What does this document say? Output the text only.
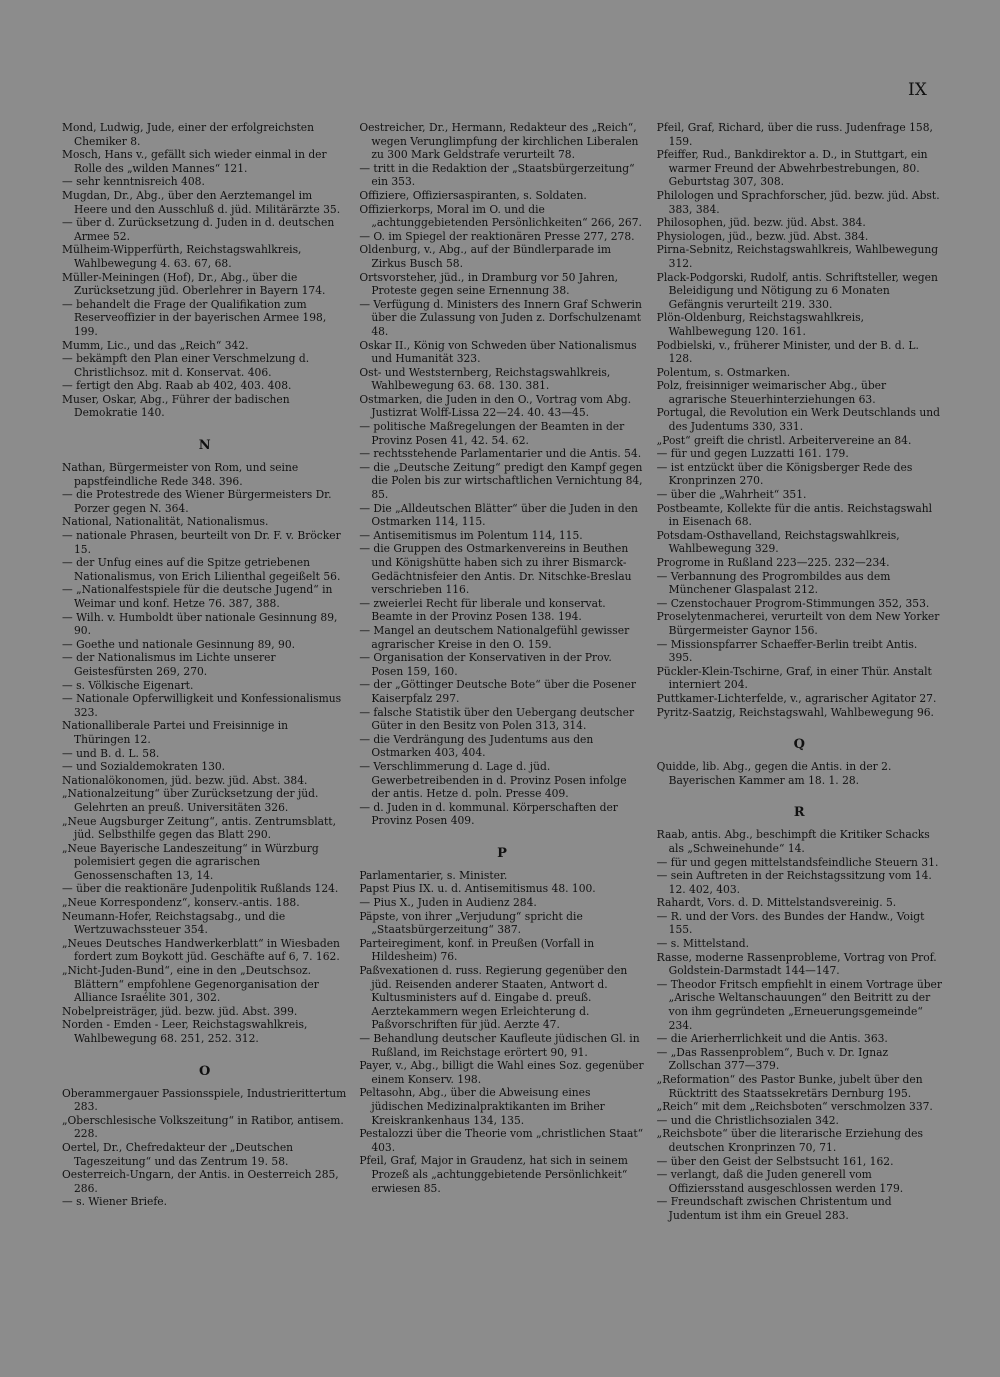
IX

Mond, Ludwig, Jude, einer der erfolgreichsten Chemiker 8.

Mosch, Hans v., gefällt sich wieder einmal in der Rolle des „wilden Mannes“ 121.

— sehr kenntnisreich 408.

Mugdan, Dr., Abg., über den Aerztemangel im Heere und den Ausschluß d. jüd. Militärärzte 35.

— über d. Zurücksetzung d. Juden in d. deutschen Armee 52.

Mülheim-Wipperfürth, Reichstagswahlkreis, Wahlbewegung 4. 63. 67, 68.

Müller-Meiningen (Hof), Dr., Abg., über die Zurücksetzung jüd. Oberlehrer in Bayern 174.

— behandelt die Frage der Qualifikation zum Reserveoffizier in der bayerischen Armee 198, 199.

Mumm, Lic., und das „Reich“ 342.

— bekämpft den Plan einer Verschmelzung d. Christlichsoz. mit d. Konservat. 406.

— fertigt den Abg. Raab ab 402, 403. 408.

Muser, Oskar, Abg., Führer der badischen Demokratie 140.

N

Nathan, Bürgermeister von Rom, und seine papstfeindliche Rede 348. 396.

— die Protestrede des Wiener Bürgermeisters Dr. Porzer gegen N. 364.

National, Nationalität, Nationalismus.

— nationale Phrasen, beurteilt von Dr. F. v. Bröcker 15.

— der Unfug eines auf die Spitze getriebenen Nationalismus, von Erich Lilienthal gegeißelt 56.

— „Nationalfestspiele für die deutsche Jugend“ in Weimar und konf. Hetze 76. 387, 388.

— Wilh. v. Humboldt über nationale Gesinnung 89, 90.

— Goethe und nationale Gesinnung 89, 90.

— der Nationalismus im Lichte unserer Geistesfürsten 269, 270.

— s. Völkische Eigenart.

— Nationale Opferwilligkeit und Konfessionalismus 323.

Nationalliberale Partei und Freisinnige in Thüringen 12.

— und B. d. L. 58.

— und Sozialdemokraten 130.

Nationalökonomen, jüd. bezw. jüd. Abst. 384.

„Nationalzeitung“ über Zurücksetzung der jüd. Gelehrten an preuß. Universitäten 326.

„Neue Augsburger Zeitung“, antis. Zentrumsblatt, jüd. Selbsthilfe gegen das Blatt 290.

„Neue Bayerische Landeszeitung“ in Würzburg polemisiert gegen die agrarischen Genossenschaften 13, 14.

— über die reaktionäre Judenpolitik Rußlands 124.

„Neue Korrespondenz“, konserv.-antis. 188.

Neumann-Hofer, Reichstagsabg., und die Wertzuwachssteuer 354.

„Neues Deutsches Handwerkerblatt“ in Wiesbaden fordert zum Boykott jüd. Geschäfte auf 6, 7. 162.

„Nicht-Juden-Bund“, eine in den „Deutschsoz. Blättern“ empfohlene Gegenorganisation der Alliance Israélite 301, 302.

Nobelpreisträger, jüd. bezw. jüd. Abst. 399.

Norden - Emden - Leer, Reichstagswahlkreis, Wahlbewegung 68. 251, 252. 312.

O

Oberammergauer Passionsspiele, Industrierittertum 283.

„Oberschlesische Volkszeitung“ in Ratibor, antisem. 228.

Oertel, Dr., Chefredakteur der „Deutschen Tageszeitung“ und das Zentrum 19. 58.

Oesterreich-Ungarn, der Antis. in Oesterreich 285, 286.

— s. Wiener Briefe.

Oestreicher, Dr., Hermann, Redakteur des „Reich“, wegen Verunglimpfung der kirchlichen Liberalen zu 300 Mark Geldstrafe verurteilt 78.

— tritt in die Redaktion der „Staatsbürgerzeitung“ ein 353.

Offiziere, Offiziersaspiranten, s. Soldaten.

Offizierkorps, Moral im O. und die „achtunggebietenden Persönlichkeiten“ 266, 267.

— O. im Spiegel der reaktionären Presse 277, 278.

Oldenburg, v., Abg., auf der Bündlerparade im Zirkus Busch 58.

Ortsvorsteher, jüd., in Dramburg vor 50 Jahren, Proteste gegen seine Ernennung 38.

— Verfügung d. Ministers des Innern Graf Schwerin über die Zulassung von Juden z. Dorfschulzenamt 48.

Oskar II., König von Schweden über Nationalismus und Humanität 323.

Ost- und Weststernberg, Reichstagswahlkreis, Wahlbewegung 63. 68. 130. 381.

Ostmarken, die Juden in den O., Vortrag vom Abg. Justizrat Wolff-Lissa 22—24. 40. 43—45.

— politische Maßregelungen der Beamten in der Provinz Posen 41, 42. 54. 62.

— rechtsstehende Parlamentarier und die Antis. 54.

— die „Deutsche Zeitung“ predigt den Kampf gegen die Polen bis zur wirtschaftlichen Vernichtung 84, 85.

— Die „Alldeutschen Blätter“ über die Juden in den Ostmarken 114, 115.

— Antisemitismus im Polentum 114, 115.

— die Gruppen des Ostmarkenvereins in Beuthen und Königshütte haben sich zu ihrer Bismarck-Gedächtnisfeier den Antis. Dr. Nitschke-Breslau verschrieben 116.

— zweierlei Recht für liberale und konservat. Beamte in der Provinz Posen 138. 194.

— Mangel an deutschem Nationalgefühl gewisser agrarischer Kreise in den O. 159.

— Organisation der Konservativen in der Prov. Posen 159, 160.

— der „Göttinger Deutsche Bote“ über die Posener Kaiserpfalz 297.

— falsche Statistik über den Uebergang deutscher Güter in den Besitz von Polen 313, 314.

— die Verdrängung des Judentums aus den Ostmarken 403, 404.

— Verschlimmerung d. Lage d. jüd. Gewerbetreibenden in d. Provinz Posen infolge der antis. Hetze d. poln. Presse 409.

— d. Juden in d. kommunal. Körperschaften der Provinz Posen 409.

P

Parlamentarier, s. Minister.

Papst Pius IX. u. d. Antisemitismus 48. 100.

— Pius X., Juden in Audienz 284.

Päpste, von ihrer „Verjudung“ spricht die „Staatsbürgerzeitung“ 387.

Parteiregiment, konf. in Preußen (Vorfall in Hildesheim) 76.

Paßvexationen d. russ. Regierung gegenüber den jüd. Reisenden anderer Staaten, Antwort d. Kultusministers auf d. Eingabe d. preuß. Aerztekammern wegen Erleichterung d. Paßvorschriften für jüd. Aerzte 47.

— Behandlung deutscher Kaufleute jüdischen Gl. in Rußland, im Reichstage erörtert 90, 91.

Payer, v., Abg., billigt die Wahl eines Soz. gegenüber einem Konserv. 198.

Peltasohn, Abg., über die Abweisung eines jüdischen Medizinalpraktikanten im Briher Kreiskrankenhaus 134, 135.

Pestalozzi über die Theorie vom „christlichen Staat“ 403.

Pfeil, Graf, Major in Graudenz, hat sich in seinem Prozeß als „achtunggebietende Persönlichkeit“ erwiesen 85.

Pfeil, Graf, Richard, über die russ. Judenfrage 158, 159.

Pfeiffer, Rud., Bankdirektor a. D., in Stuttgart, ein warmer Freund der Abwehrbestrebungen, 80. Geburtstag 307, 308.

Philologen und Sprachforscher, jüd. bezw. jüd. Abst. 383, 384.

Philosophen, jüd. bezw. jüd. Abst. 384.

Physiologen, jüd., bezw. jüd. Abst. 384.

Pirna-Sebnitz, Reichstagswahlkreis, Wahlbewegung 312.

Plack-Podgorski, Rudolf, antis. Schriftsteller, wegen Beleidigung und Nötigung zu 6 Monaten Gefängnis verurteilt 219. 330.

Plön-Oldenburg, Reichstagswahlkreis, Wahlbewegung 120. 161.

Podbielski, v., früherer Minister, und der B. d. L. 128.

Polentum, s. Ostmarken.

Polz, freisinniger weimarischer Abg., über agrarische Steuerhinterziehungen 63.

Portugal, die Revolution ein Werk Deutschlands und des Judentums 330, 331.

„Post“ greift die christl. Arbeitervereine an 84.

— für und gegen Luzzatti 161. 179.

— ist entzückt über die Königsberger Rede des Kronprinzen 270.

— über die „Wahrheit“ 351.

Postbeamte, Kollekte für die antis. Reichstagswahl in Eisenach 68.

Potsdam-Osthavelland, Reichstagswahlkreis, Wahlbewegung 329.

Progrome in Rußland 223—225. 232—234.

— Verbannung des Progrombildes aus dem Münchener Glaspalast 212.

— Czenstochauer Progrom-Stimmungen 352, 353.

Proselytenmacherei, verurteilt von dem New Yorker Bürgermeister Gaynor 156.

— Missionspfarrer Schaeffer-Berlin treibt Antis. 395.

Pückler-Klein-Tschirne, Graf, in einer Thür. Anstalt interniert 204.

Puttkamer-Lichterfelde, v., agrarischer Agitator 27.

Pyritz-Saatzig, Reichstagswahl, Wahlbewegung 96.

Q

Quidde, lib. Abg., gegen die Antis. in der 2. Bayerischen Kammer am 18. 1. 28.

R

Raab, antis. Abg., beschimpft die Kritiker Schacks als „Schweinehunde“ 14.

— für und gegen mittelstandsfeindliche Steuern 31.

— sein Auftreten in der Reichstagssitzung vom 14. 12. 402, 403.

Rahardt, Vors. d. D. Mittelstandsvereinig. 5.

— R. und der Vors. des Bundes der Handw., Voigt 155.

— s. Mittelstand.

Rasse, moderne Rassenprobleme, Vortrag von Prof. Goldstein-Darmstadt 144—147.

— Theodor Fritsch empfiehlt in einem Vortrage über „Arische Weltanschauungen“ den Beitritt zu der von ihm gegründeten „Erneuerungsgemeinde“ 234.

— die Arierherrlichkeit und die Antis. 363.

— „Das Rassenproblem“, Buch v. Dr. Ignaz Zollschan 377—379.

„Reformation“ des Pastor Bunke, jubelt über den Rücktritt des Staatssekretärs Dernburg 195.

„Reich“ mit dem „Reichsboten“ verschmolzen 337.

— und die Christlichsozialen 342.

„Reichsbote“ über die literarische Erziehung des deutschen Kronprinzen 70, 71.

— über den Geist der Selbstsucht 161, 162.

— verlangt, daß die Juden generell vom Offiziersstand ausgeschlossen werden 179.

— Freundschaft zwischen Christentum und Judentum ist ihm ein Greuel 283.
